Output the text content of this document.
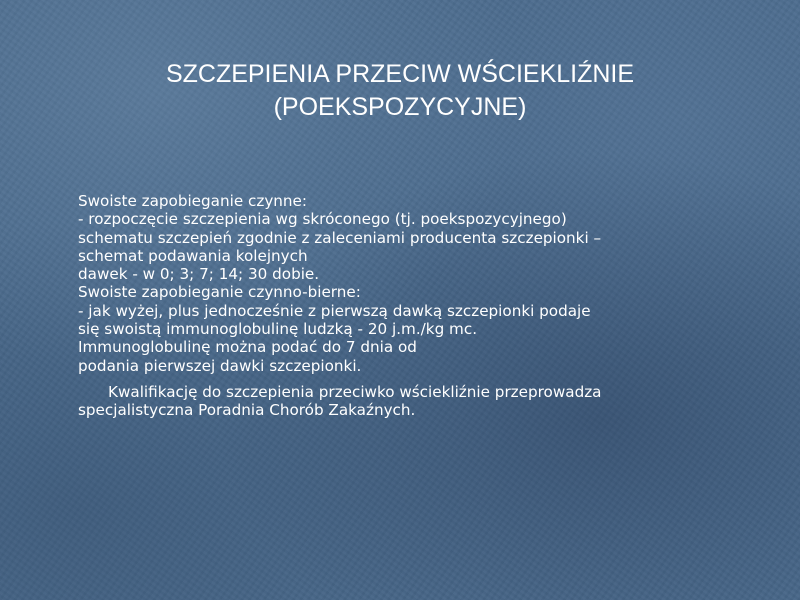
SZCZEPIENIA PRZECIW WŚCIEKLIŹNIE
(POEKSPOZYCYJNE)
Swoiste zapobieganie czynne:
- rozpoczęcie szczepienia wg skróconego (tj. poekspozycyjnego)
schematu szczepień zgodnie z zaleceniami producenta szczepionki –
schemat podawania kolejnych
dawek - w 0; 3; 7; 14; 30 dobie.
Swoiste zapobieganie czynno-bierne:
- jak wyżej, plus jednocześnie z pierwszą dawką szczepionki podaje
się swoistą immunoglobulinę ludzką - 20 j.m./kg mc.
Immunoglobulinę można podać do 7 dnia od
podania pierwszej dawki szczepionki.
Kwalifikację do szczepienia przeciwko wściekliźnie przeprowadza
specjalistyczna Poradnia Chorób Zakaźnych.
